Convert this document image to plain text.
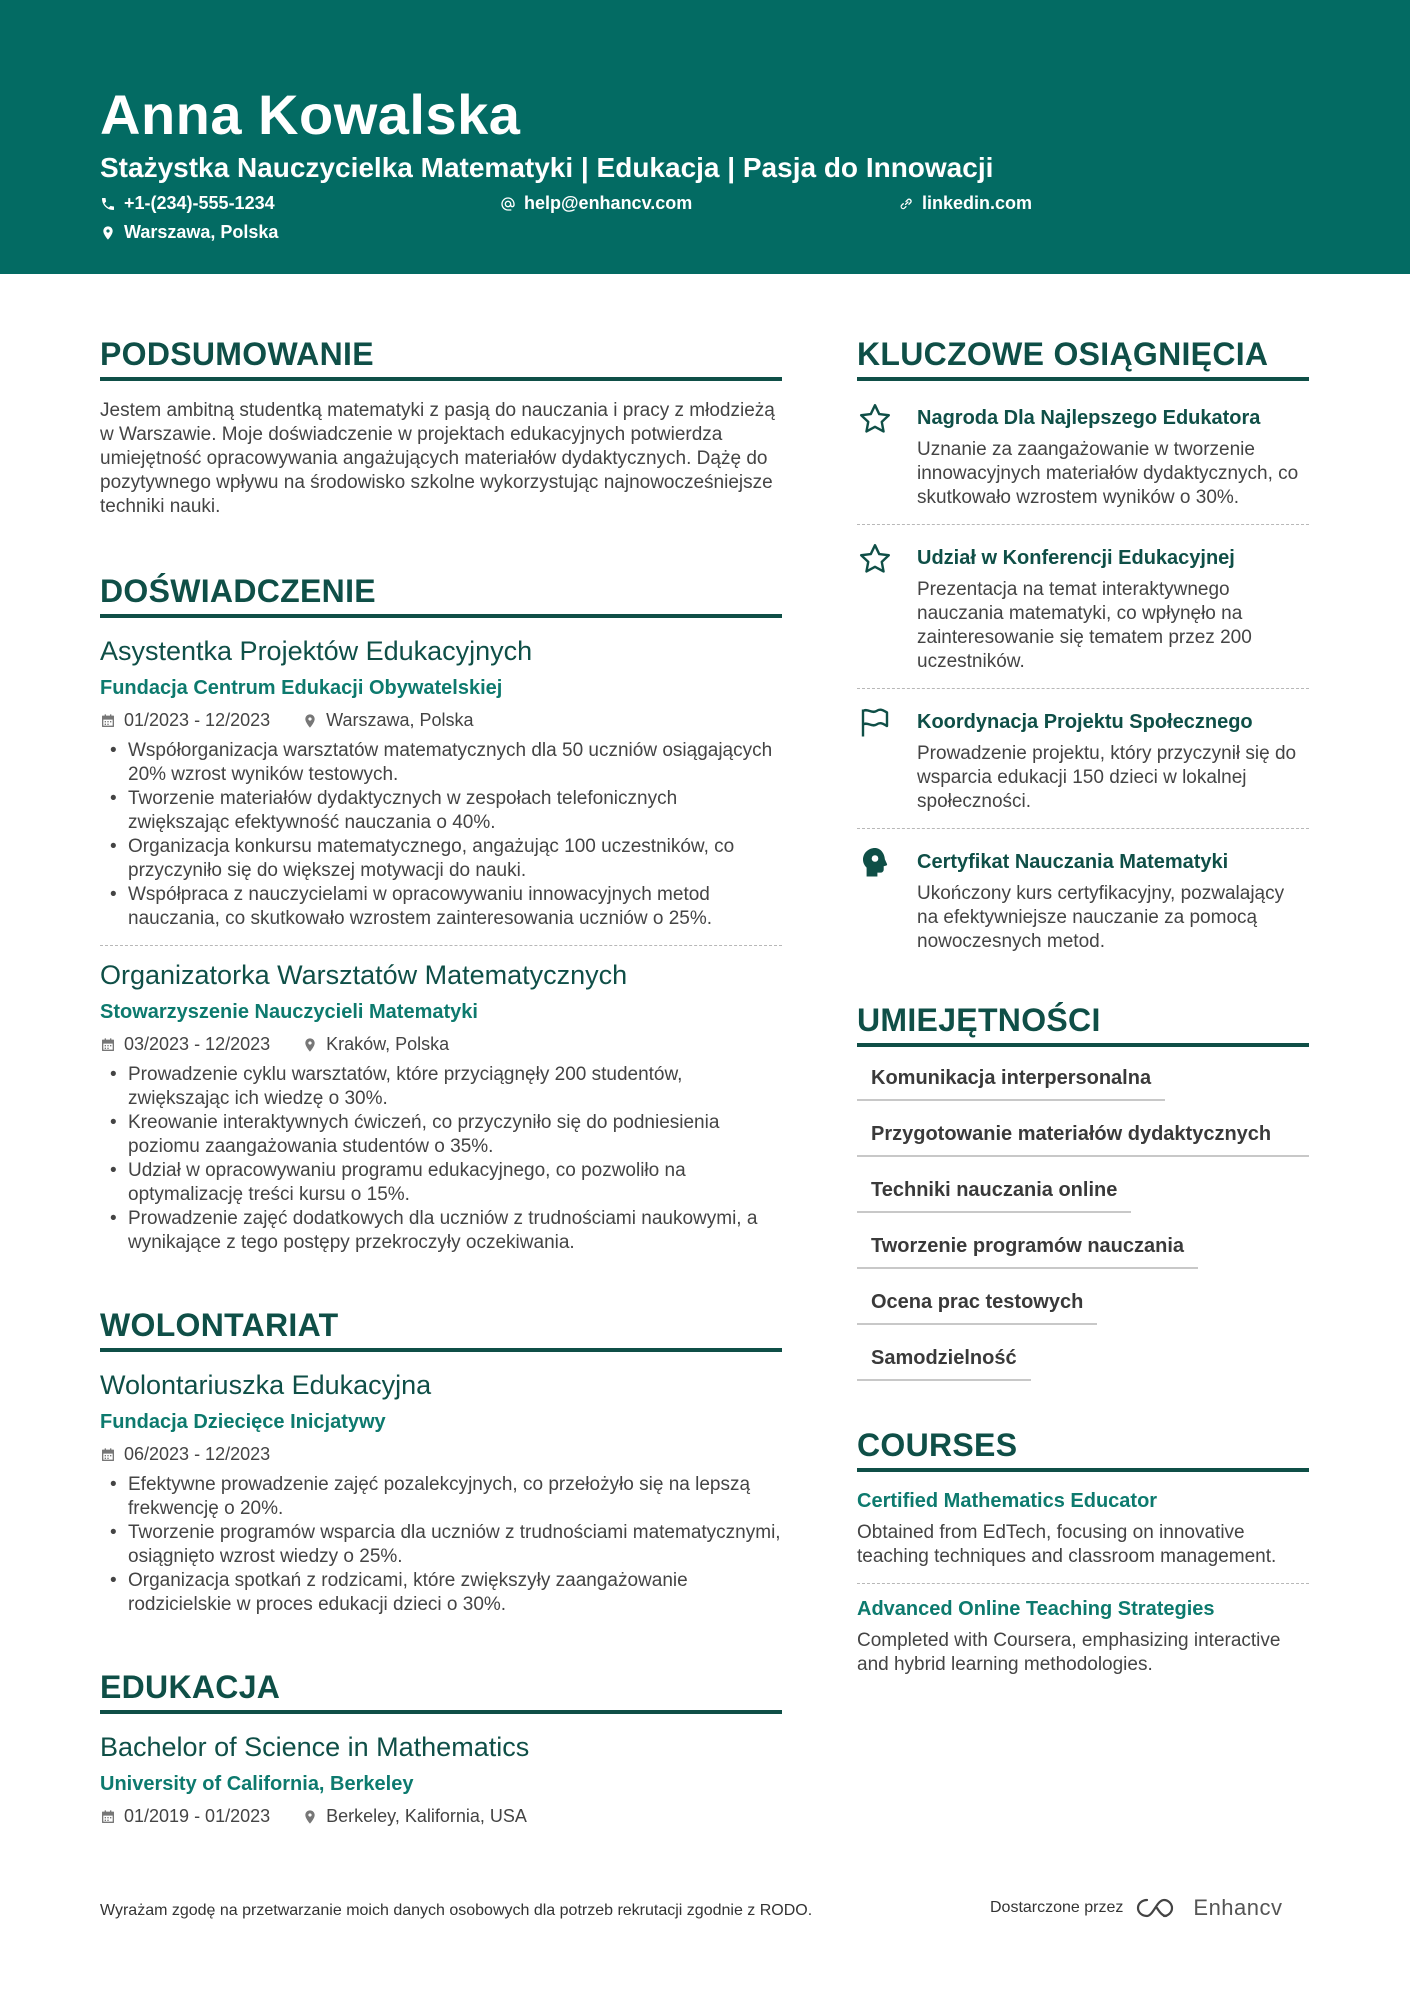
Anna Kowalska
Stażystka Nauczycielka Matematyki | Edukacja | Pasja do Innowacji
+1-(234)-555-1234	help@enhancv.com	linkedin.com
Warszawa, Polska
PODSUMOWANIE

Jestem ambitną studentką matematyki z pasją do nauczania i pracy z młodzieżą w Warszawie. Moje doświadczenie w projektach edukacyjnych potwierdza umiejętność opracowywania angażujących materiałów dydaktycznych. Dążę do pozytywnego wpływu na środowisko szkolne wykorzystując najnowocześniejsze techniki nauki.

DOŚWIADCZENIE
Asystentka Projektów Edukacyjnych
Fundacja Centrum Edukacji Obywatelskiej
01/2023 - 12/2023	Warszawa, Polska
• Współorganizacja warsztatów matematycznych dla 50 uczniów osiągających 20% wzrost wyników testowych.
• Tworzenie materiałów dydaktycznych w zespołach telefonicznych zwiększając efektywność nauczania o 40%.
• Organizacja konkursu matematycznego, angażując 100 uczestników, co przyczyniło się do większej motywacji do nauki.
• Współpraca z nauczycielami w opracowywaniu innowacyjnych metod nauczania, co skutkowało wzrostem zainteresowania uczniów o 25%.
Organizatorka Warsztatów Matematycznych
Stowarzyszenie Nauczycieli Matematyki
03/2023 - 12/2023	Kraków, Polska
• Prowadzenie cyklu warsztatów, które przyciągnęły 200 studentów, zwiększając ich wiedzę o 30%.
• Kreowanie interaktywnych ćwiczeń, co przyczyniło się do podniesienia poziomu zaangażowania studentów o 35%.
• Udział w opracowywaniu programu edukacyjnego, co pozwoliło na optymalizację treści kursu o 15%.
• Prowadzenie zajęć dodatkowych dla uczniów z trudnościami naukowymi, a wynikające z tego postępy przekroczyły oczekiwania.
WOLONTARIAT
Wolontariuszka Edukacyjna
Fundacja Dziecięce Inicjatywy
06/2023 - 12/2023
• Efektywne prowadzenie zajęć pozalekcyjnych, co przełożyło się na lepszą frekwencję o 20%.
• Tworzenie programów wsparcia dla uczniów z trudnościami matematycznymi, osiągnięto wzrost wiedzy o 25%.
• Organizacja spotkań z rodzicami, które zwiększyły zaangażowanie rodzicielskie w proces edukacji dzieci o 30%.
EDUKACJA
Bachelor of Science in Mathematics
University of California, Berkeley
01/2019 - 01/2023	Berkeley, Kalifornia, USA
KLUCZOWE OSIĄGNIĘCIA
Nagroda Dla Najlepszego Edukatora
Uznanie za zaangażowanie w tworzenie innowacyjnych materiałów dydaktycznych, co skutkowało wzrostem wyników o 30%.
Udział w Konferencji Edukacyjnej
Prezentacja na temat interaktywnego nauczania matematyki, co wpłynęło na zainteresowanie się tematem przez 200 uczestników.
Koordynacja Projektu Społecznego
Prowadzenie projektu, który przyczynił się do wsparcia edukacji 150 dzieci w lokalnej społeczności.
Certyfikat Nauczania Matematyki
Ukończony kurs certyfikacyjny, pozwalający na efektywniejsze nauczanie za pomocą nowoczesnych metod.
UMIEJĘTNOŚCI
Komunikacja interpersonalna
Przygotowanie materiałów dydaktycznych
Techniki nauczania online
Tworzenie programów nauczania
Ocena prac testowych
Samodzielność
COURSES
Certified Mathematics Educator
Obtained from EdTech, focusing on innovative teaching techniques and classroom management.
Advanced Online Teaching Strategies
Completed with Coursera, emphasizing interactive and hybrid learning methodologies.
Wyrażam zgodę na przetwarzanie moich danych osobowych dla potrzeb rekrutacji zgodnie z RODO.	Dostarczone przez	Enhancv
